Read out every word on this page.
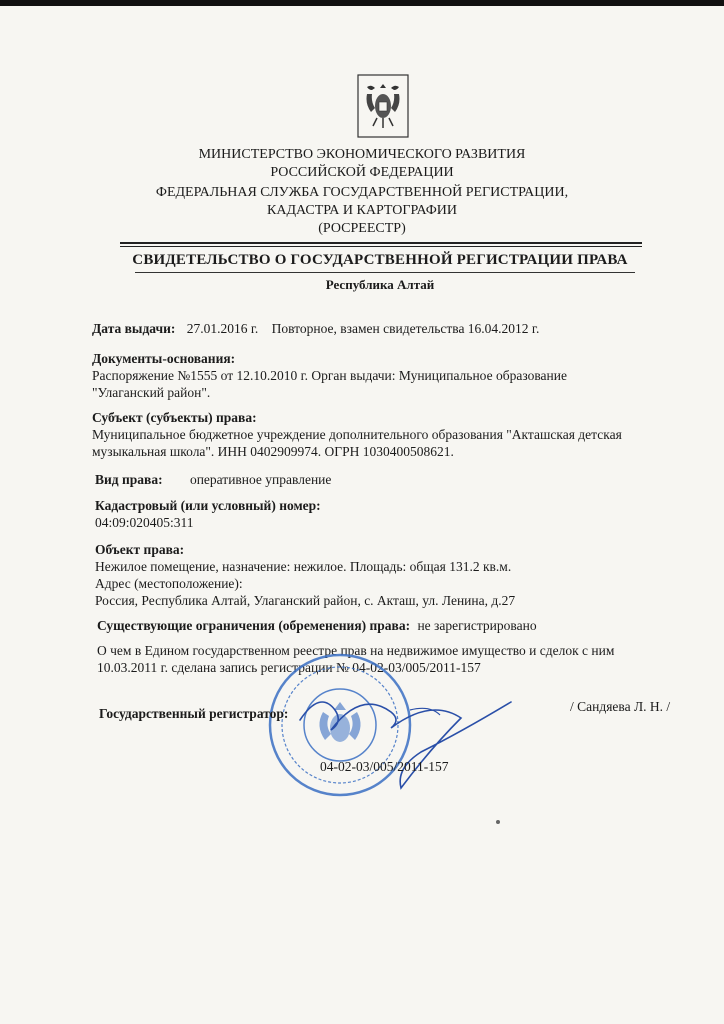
МИНИСТЕРСТВО ЭКОНОМИЧЕСКОГО РАЗВИТИЯ
РОССИЙСКОЙ ФЕДЕРАЦИИ
ФЕДЕРАЛЬНАЯ СЛУЖБА ГОСУДАРСТВЕННОЙ РЕГИСТРАЦИИ,
КАДАСТРА И КАРТОГРАФИИ
(РОСРЕЕСТР)
СВИДЕТЕЛЬСТВО О ГОСУДАРСТВЕННОЙ РЕГИСТРАЦИИ ПРАВА
Республика Алтай
Дата выдачи: 27.01.2016 г. Повторное, взамен свидетельства 16.04.2012 г.
Документы-основания:
Распоряжение №1555 от 12.10.2010 г. Орган выдачи: Муниципальное образование
"Улаганский район".
Субъект (субъекты) права:
Муниципальное бюджетное учреждение дополнительного образования "Акташская детская
музыкальная школа". ИНН 0402909974. ОГРН 1030400508621.
Вид права: оперативное управление
Кадастровый (или условный) номер:
04:09:020405:311
Объект права:
Нежилое помещение, назначение: нежилое. Площадь: общая 131.2 кв.м.
Адрес (местоположение):
Россия, Республика Алтай, Улаганский район, с. Акташ, ул. Ленина, д.27
Существующие ограничения (обременения) права: не зарегистрировано
О чем в Едином государственном реестре прав на недвижимое имущество и сделок с ним
10.03.2011 г. сделана запись регистрации № 04-02-03/005/2011-157
Государственный регистратор:	/ Сандяева Л. Н. /
04-02-03/005/2011-157
